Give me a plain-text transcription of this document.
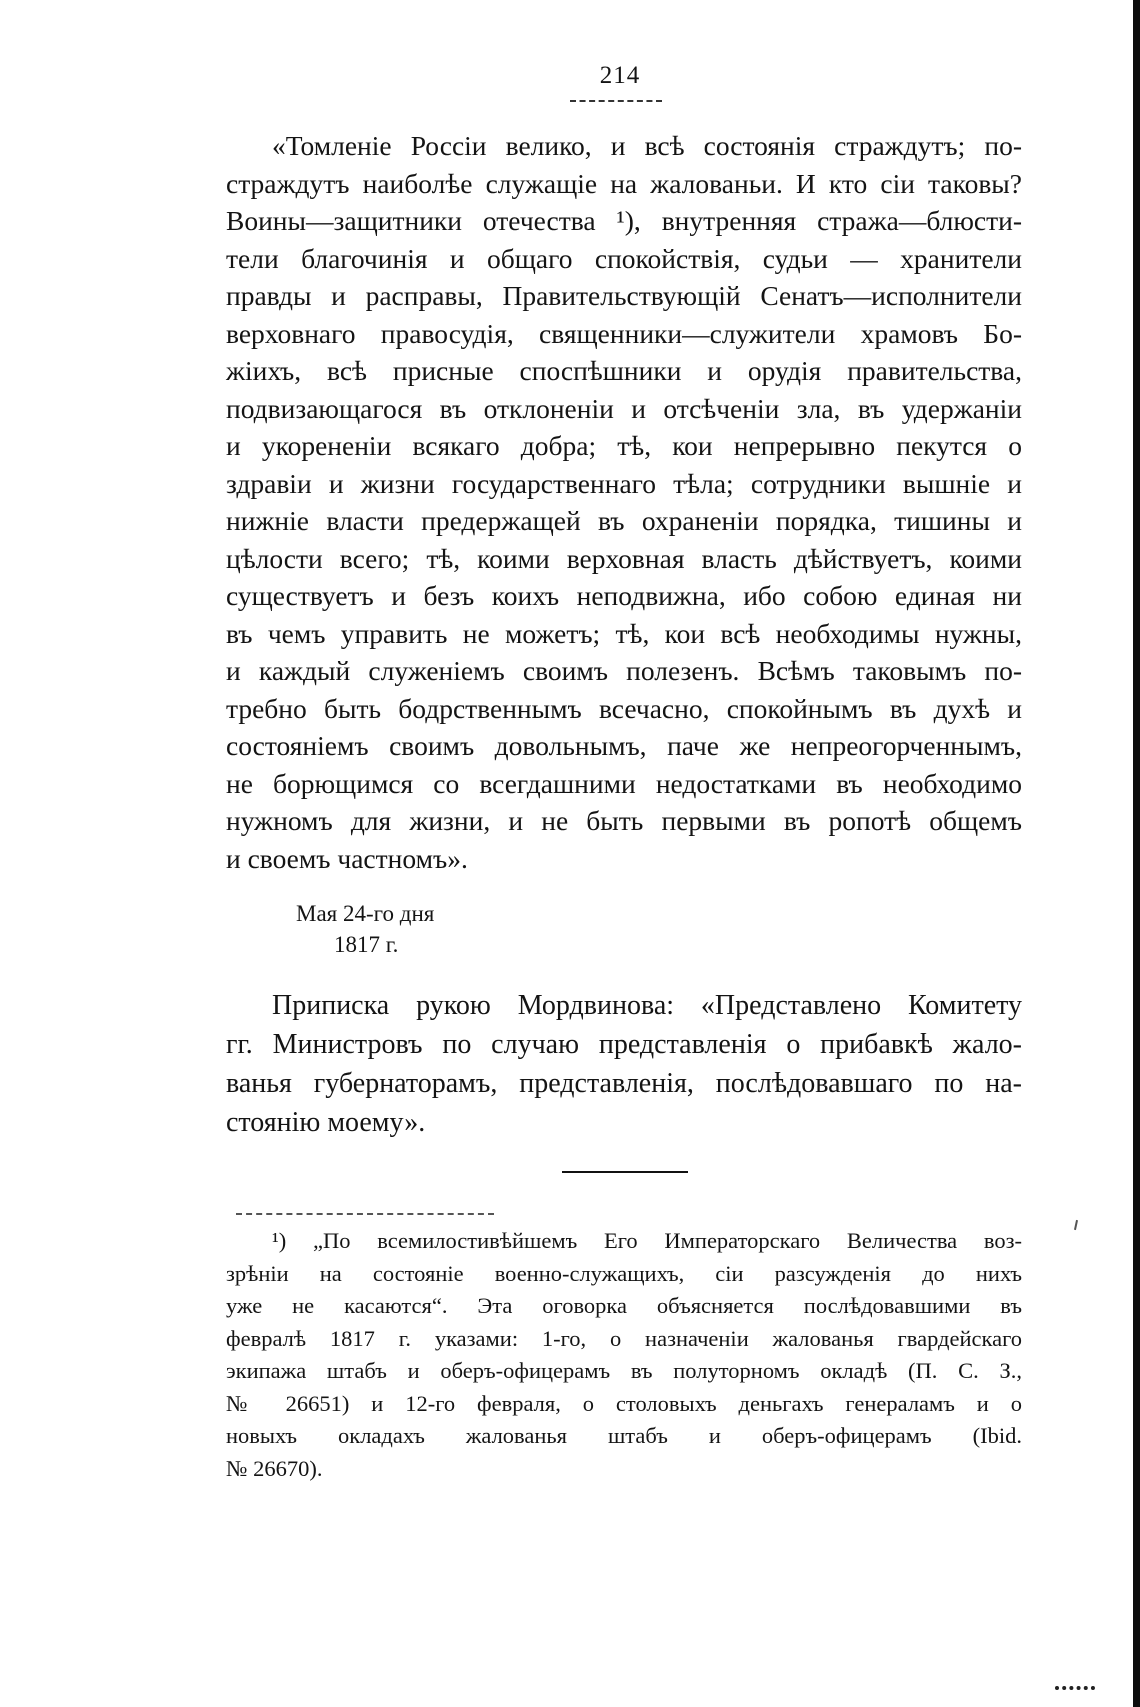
214
«Томленіе Россіи велико, и всѣ состоянія страждутъ; по-
страждутъ наиболѣе служащіе на жалованьи. И кто сіи таковы?
Воины—защитники отечества ¹), внутренняя стража—блюсти-
тели благочинія и общаго спокойствія, судьи — хранители
правды и расправы, Правительствующій Сенатъ—исполнители
верховнаго правосудія, священники—служители храмовъ Бо-
жіихъ, всѣ присные споспѣшники и орудія правительства,
подвизающагося въ отклоненіи и отсѣченіи зла, въ удержаніи
и укорененіи всякаго добра; тѣ, кои непрерывно пекутся о
здравіи и жизни государственнаго тѣла; сотрудники вышніе и
нижніе власти предержащей въ охраненіи порядка, тишины и
цѣлости всего; тѣ, коими верховная власть дѣйствуетъ, коими
существуетъ и безъ коихъ неподвижна, ибо собою единая ни
въ чемъ управить не можетъ; тѣ, кои всѣ необходимы нужны,
и каждый служеніемъ своимъ полезенъ. Всѣмъ таковымъ по-
требно быть бодрственнымъ всечасно, спокойнымъ въ духѣ и
состояніемъ своимъ довольнымъ, паче же непреогорченнымъ,
не борющимся со всегдашними недостатками въ необходимо
нужномъ для жизни, и не быть первыми въ ропотѣ общемъ
и своемъ частномъ».
Мая 24-го дня
1817 г.
Приписка рукою Мордвинова: «Представлено Комитету
гг. Министровъ по случаю представленія о прибавкѣ жало-
ванья губернаторамъ, представленія, послѣдовавшаго по на-
стоянію моему».
¹) „По всемилостивѣйшемъ Его Императорскаго Величества воз-
зрѣніи на состояніе военно-служащихъ, сіи разсужденія до нихъ
уже не касаются“. Эта оговорка объясняется послѣдовавшими въ
февралѣ 1817 г. указами: 1-го, о назначеніи жалованья гвардейскаго
экипажа штабъ и оберъ-офицерамъ въ полуторномъ окладѣ (П. С. З.,
№ 26651) и 12-го февраля, о столовыхъ деньгахъ генераламъ и о
новыхъ окладахъ жалованья штабъ и оберъ-офицерамъ (Ibid.
№ 26670).
